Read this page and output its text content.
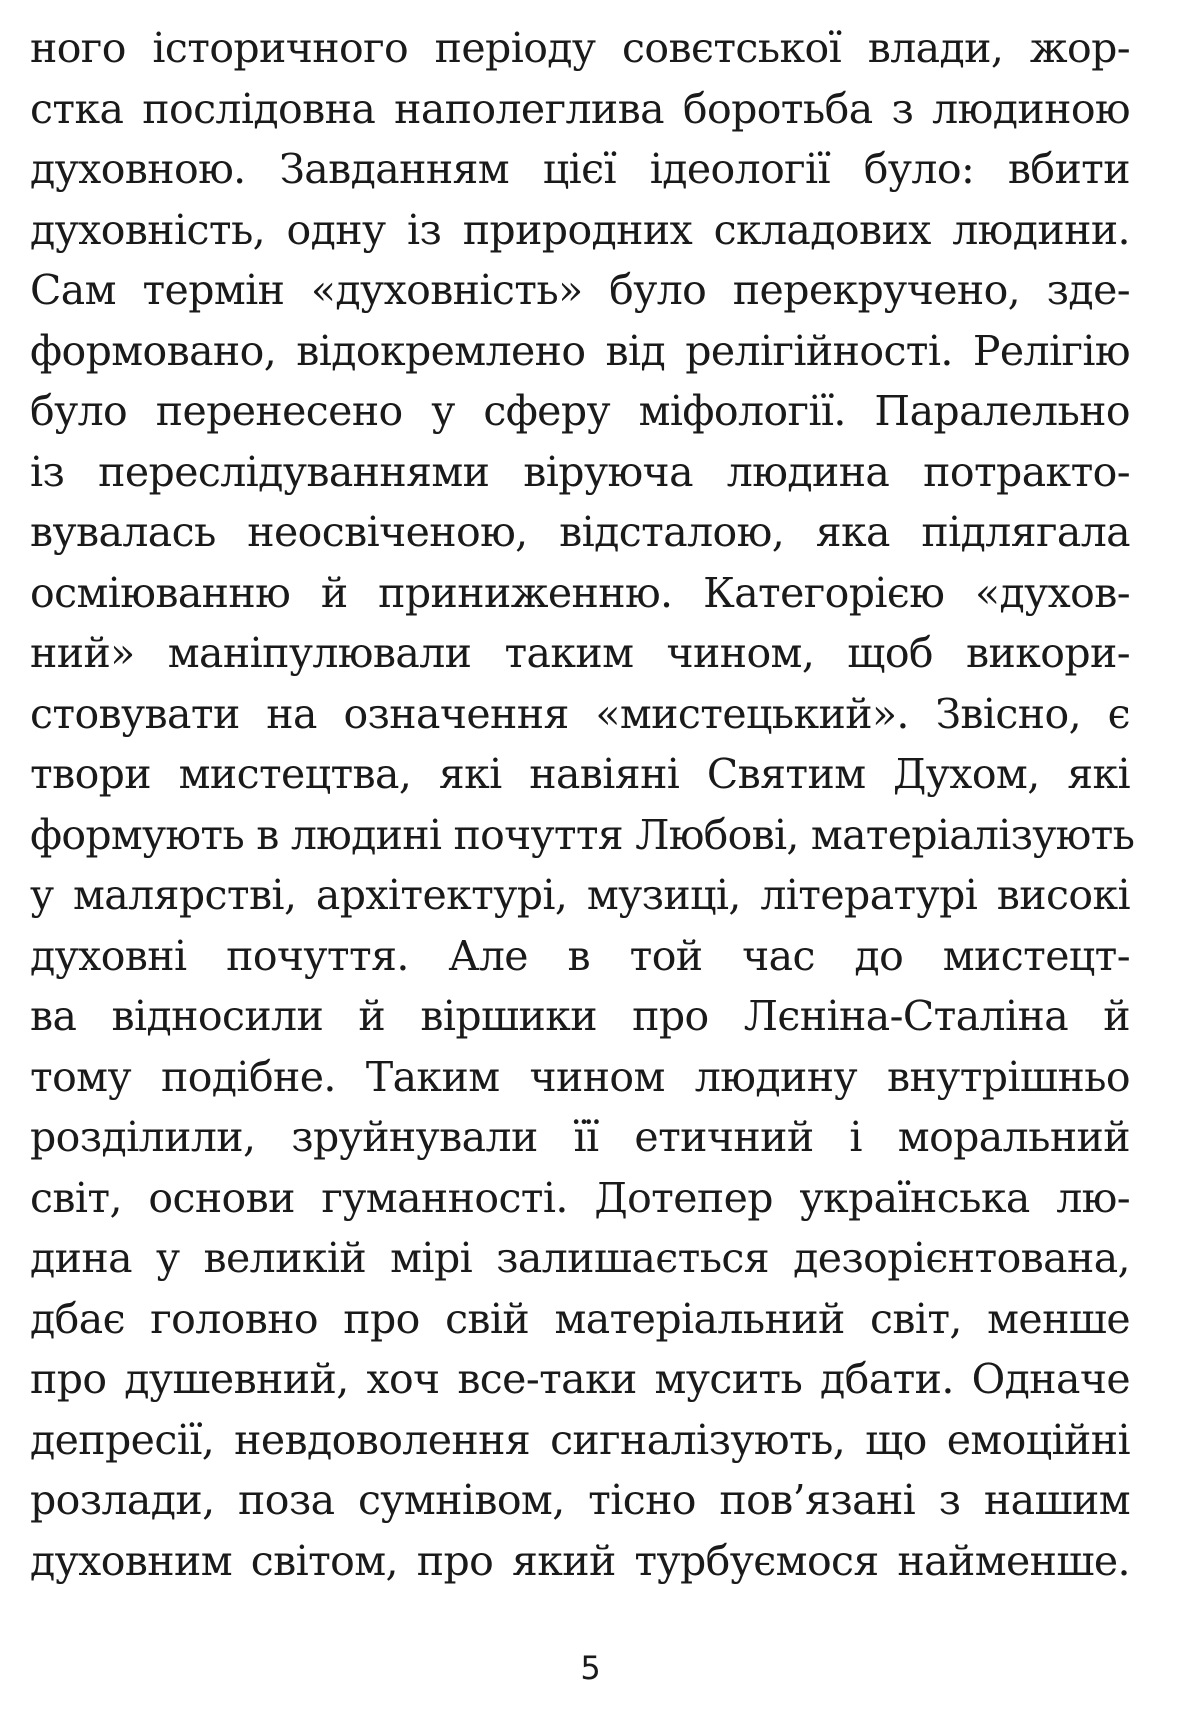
ного історичного періоду совєтської влади, жор-
стка послідовна наполеглива боротьба з людиною
духовною. Завданням цієї ідеології було: вбити
духовність, одну із природних складових людини.
Сам термін «духовність» було перекручено, зде-
формовано, відокремлено від релігійності. Релігію
було перенесено у сферу міфології. Паралельно
із переслідуваннями віруюча людина потракто-
вувалась неосвіченою, відсталою, яка підлягала
осміюванню й приниженню. Категорією «духов-
ний» маніпулювали таким чином, щоб викори-
стовувати на означення «мистецький». Звісно, є
твори мистецтва, які навіяні Святим Духом, які
формують в людині почуття Любові, матеріалізують
у малярстві, архітектурі, музиці, літературі високі
духовні почуття. Але в той час до мистецт-
ва відносили й віршики про Лєніна-Сталіна й
тому подібне. Таким чином людину внутрішньо
розділили, зруйнували її етичний і моральний
світ, основи гуманності. Дотепер українська лю-
дина у великій мірі залишається дезорієнтована,
дбає головно про свій матеріальний світ, менше
про душевний, хоч все-таки мусить дбати. Одначе
депресії, невдоволення сигналізують, що емоційні
розлади, поза сумнівом, тісно пов’язані з нашим
духовним світом, про який турбуємося найменше.
5
